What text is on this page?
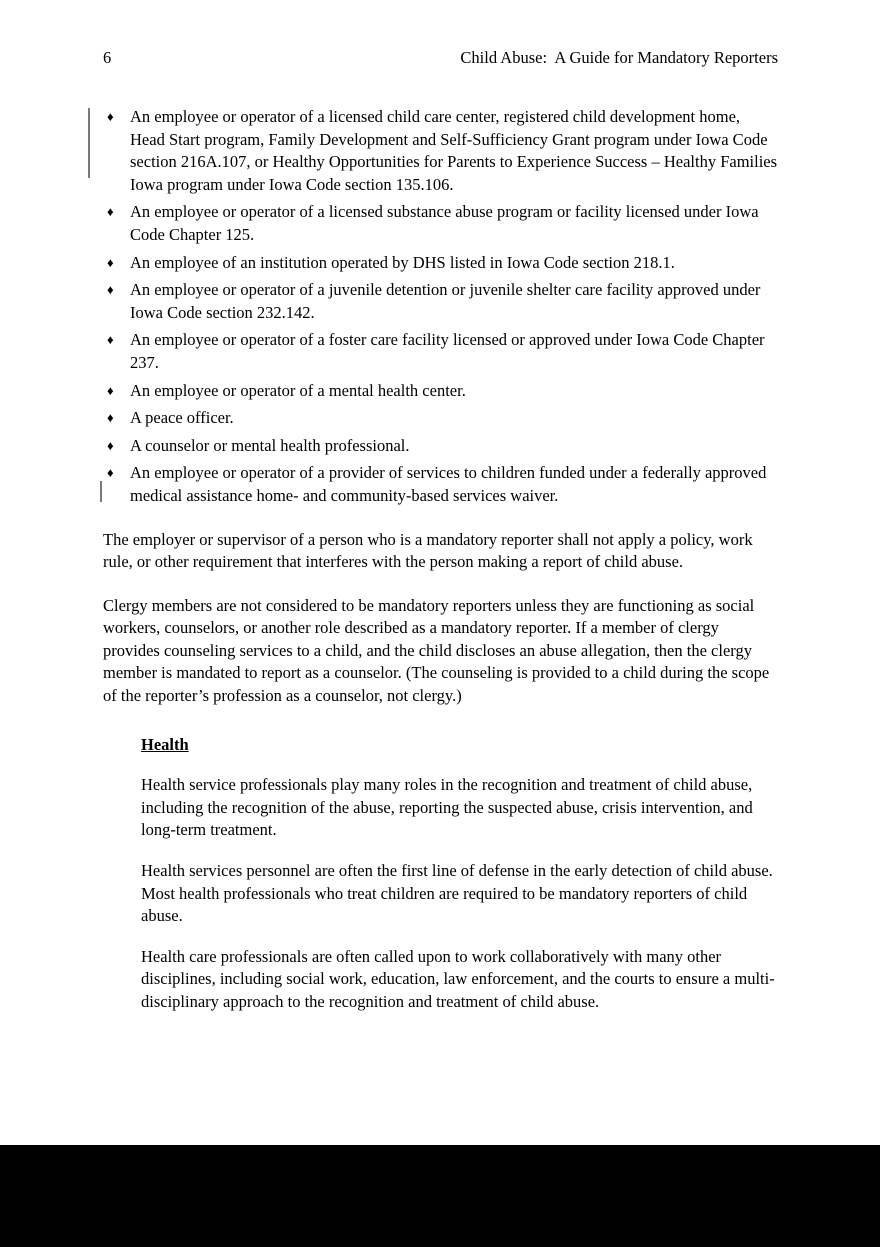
6	Child Abuse:  A Guide for Mandatory Reporters
♦ An employee or operator of a licensed child care center, registered child development home, Head Start program, Family Development and Self-Sufficiency Grant program under Iowa Code section 216A.107, or Healthy Opportunities for Parents to Experience Success – Healthy Families Iowa program under Iowa Code section 135.106.
♦ An employee or operator of a licensed substance abuse program or facility licensed under Iowa Code Chapter 125.
♦ An employee of an institution operated by DHS listed in Iowa Code section 218.1.
♦ An employee or operator of a juvenile detention or juvenile shelter care facility approved under Iowa Code section 232.142.
♦ An employee or operator of a foster care facility licensed or approved under Iowa Code Chapter 237.
♦ An employee or operator of a mental health center.
♦ A peace officer.
♦ A counselor or mental health professional.
♦ An employee or operator of a provider of services to children funded under a federally approved medical assistance home- and community-based services waiver.

The employer or supervisor of a person who is a mandatory reporter shall not apply a policy, work rule, or other requirement that interferes with the person making a report of child abuse.

Clergy members are not considered to be mandatory reporters unless they are functioning as social workers, counselors, or another role described as a mandatory reporter. If a member of clergy provides counseling services to a child, and the child discloses an abuse allegation, then the clergy member is mandated to report as a counselor. (The counseling is provided to a child during the scope of the reporter’s profession as a counselor, not clergy.)

Health

Health service professionals play many roles in the recognition and treatment of child abuse, including the recognition of the abuse, reporting the suspected abuse, crisis intervention, and long-term treatment.

Health services personnel are often the first line of defense in the early detection of child abuse. Most health professionals who treat children are required to be mandatory reporters of child abuse.

Health care professionals are often called upon to work collaboratively with many other disciplines, including social work, education, law enforcement, and the courts to ensure a multi-disciplinary approach to the recognition and treatment of child abuse.
